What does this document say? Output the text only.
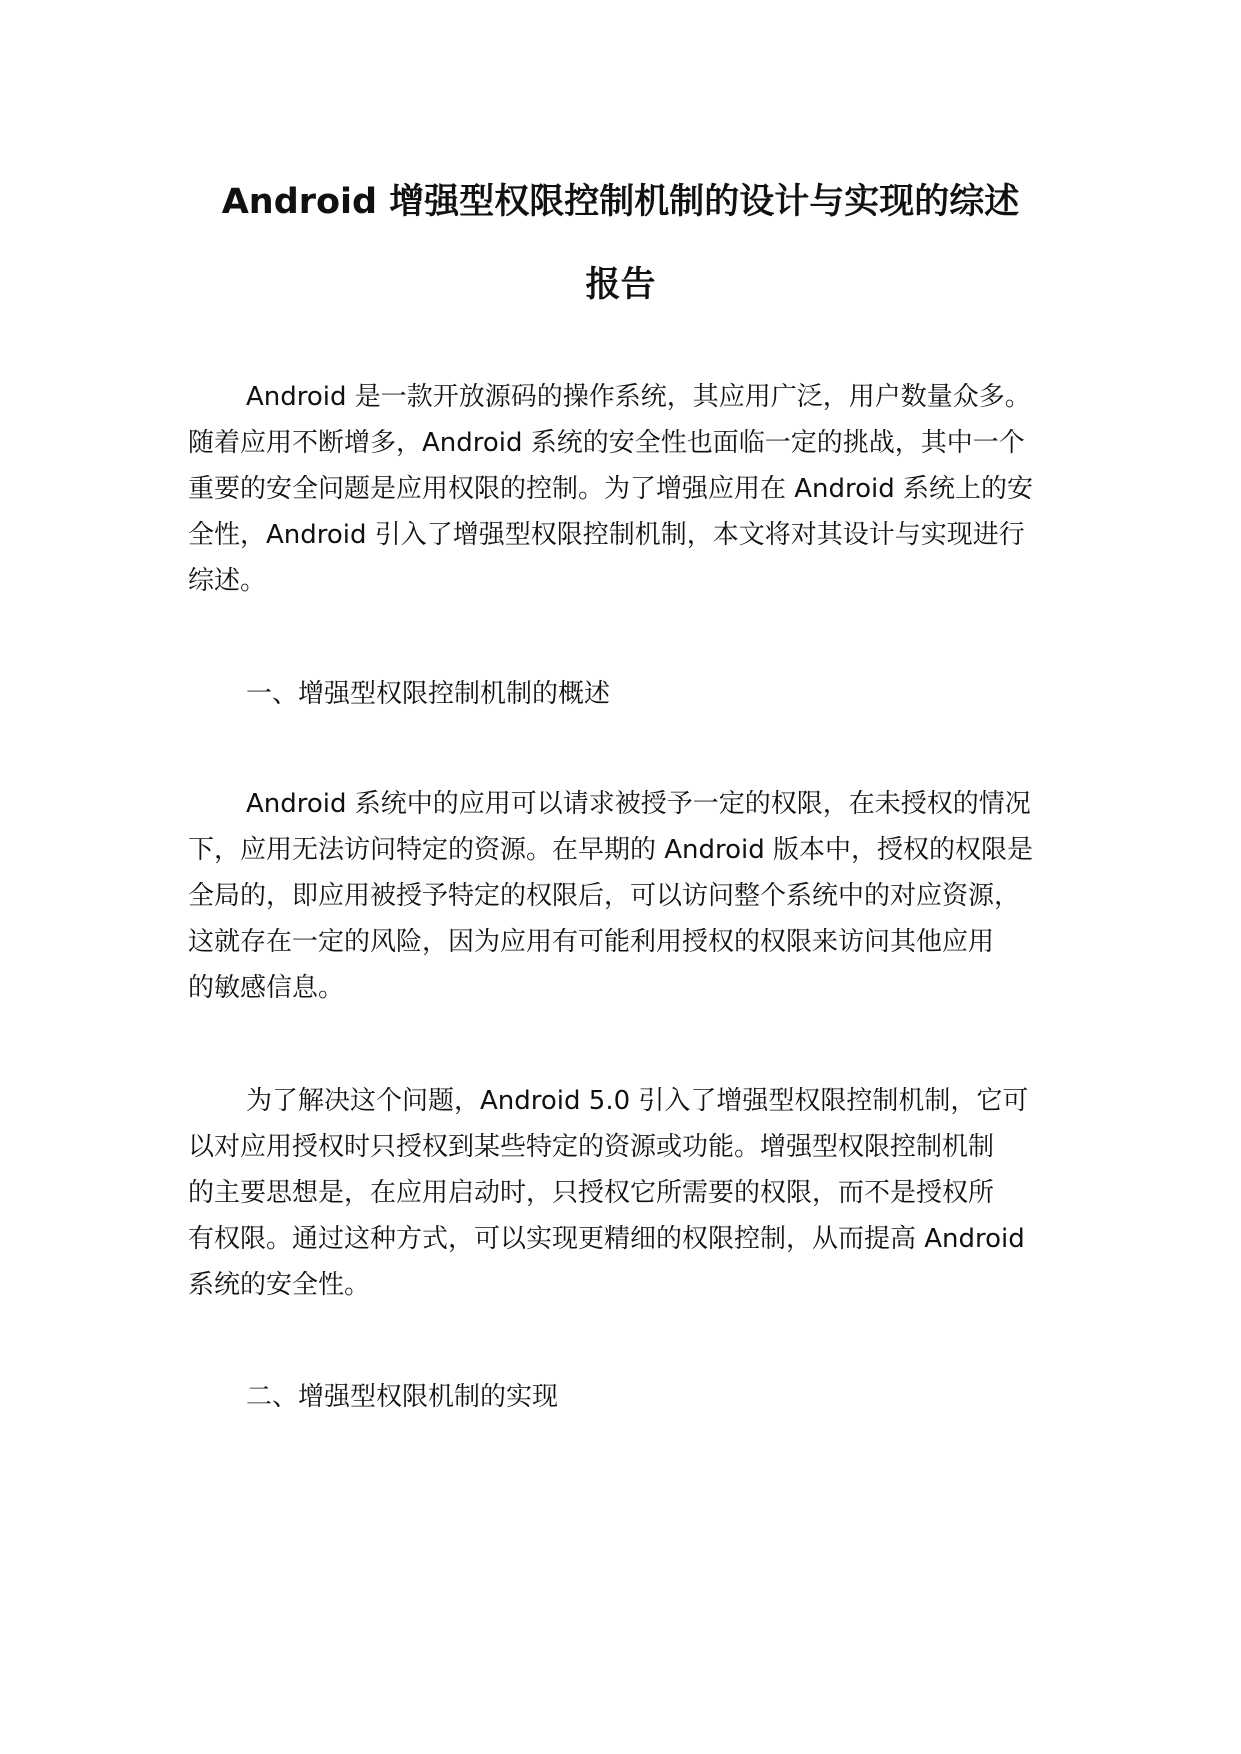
Android 增强型权限控制机制的设计与实现的综述
报告
Android 是一款开放源码的操作系统，其应用广泛，用户数量众多。
随着应用不断增多，Android 系统的安全性也面临一定的挑战，其中一个
重要的安全问题是应用权限的控制。为了增强应用在 Android 系统上的安
全性，Android 引入了增强型权限控制机制，本文将对其设计与实现进行
综述。
一、增强型权限控制机制的概述
Android 系统中的应用可以请求被授予一定的权限，在未授权的情况
下，应用无法访问特定的资源。在早期的 Android 版本中，授权的权限是
全局的，即应用被授予特定的权限后，可以访问整个系统中的对应资源，
这就存在一定的风险，因为应用有可能利用授权的权限来访问其他应用
的敏感信息。
为了解决这个问题，Android 5.0 引入了增强型权限控制机制，它可
以对应用授权时只授权到某些特定的资源或功能。增强型权限控制机制
的主要思想是，在应用启动时，只授权它所需要的权限，而不是授权所
有权限。通过这种方式，可以实现更精细的权限控制，从而提高 Android
系统的安全性。
二、增强型权限机制的实现
